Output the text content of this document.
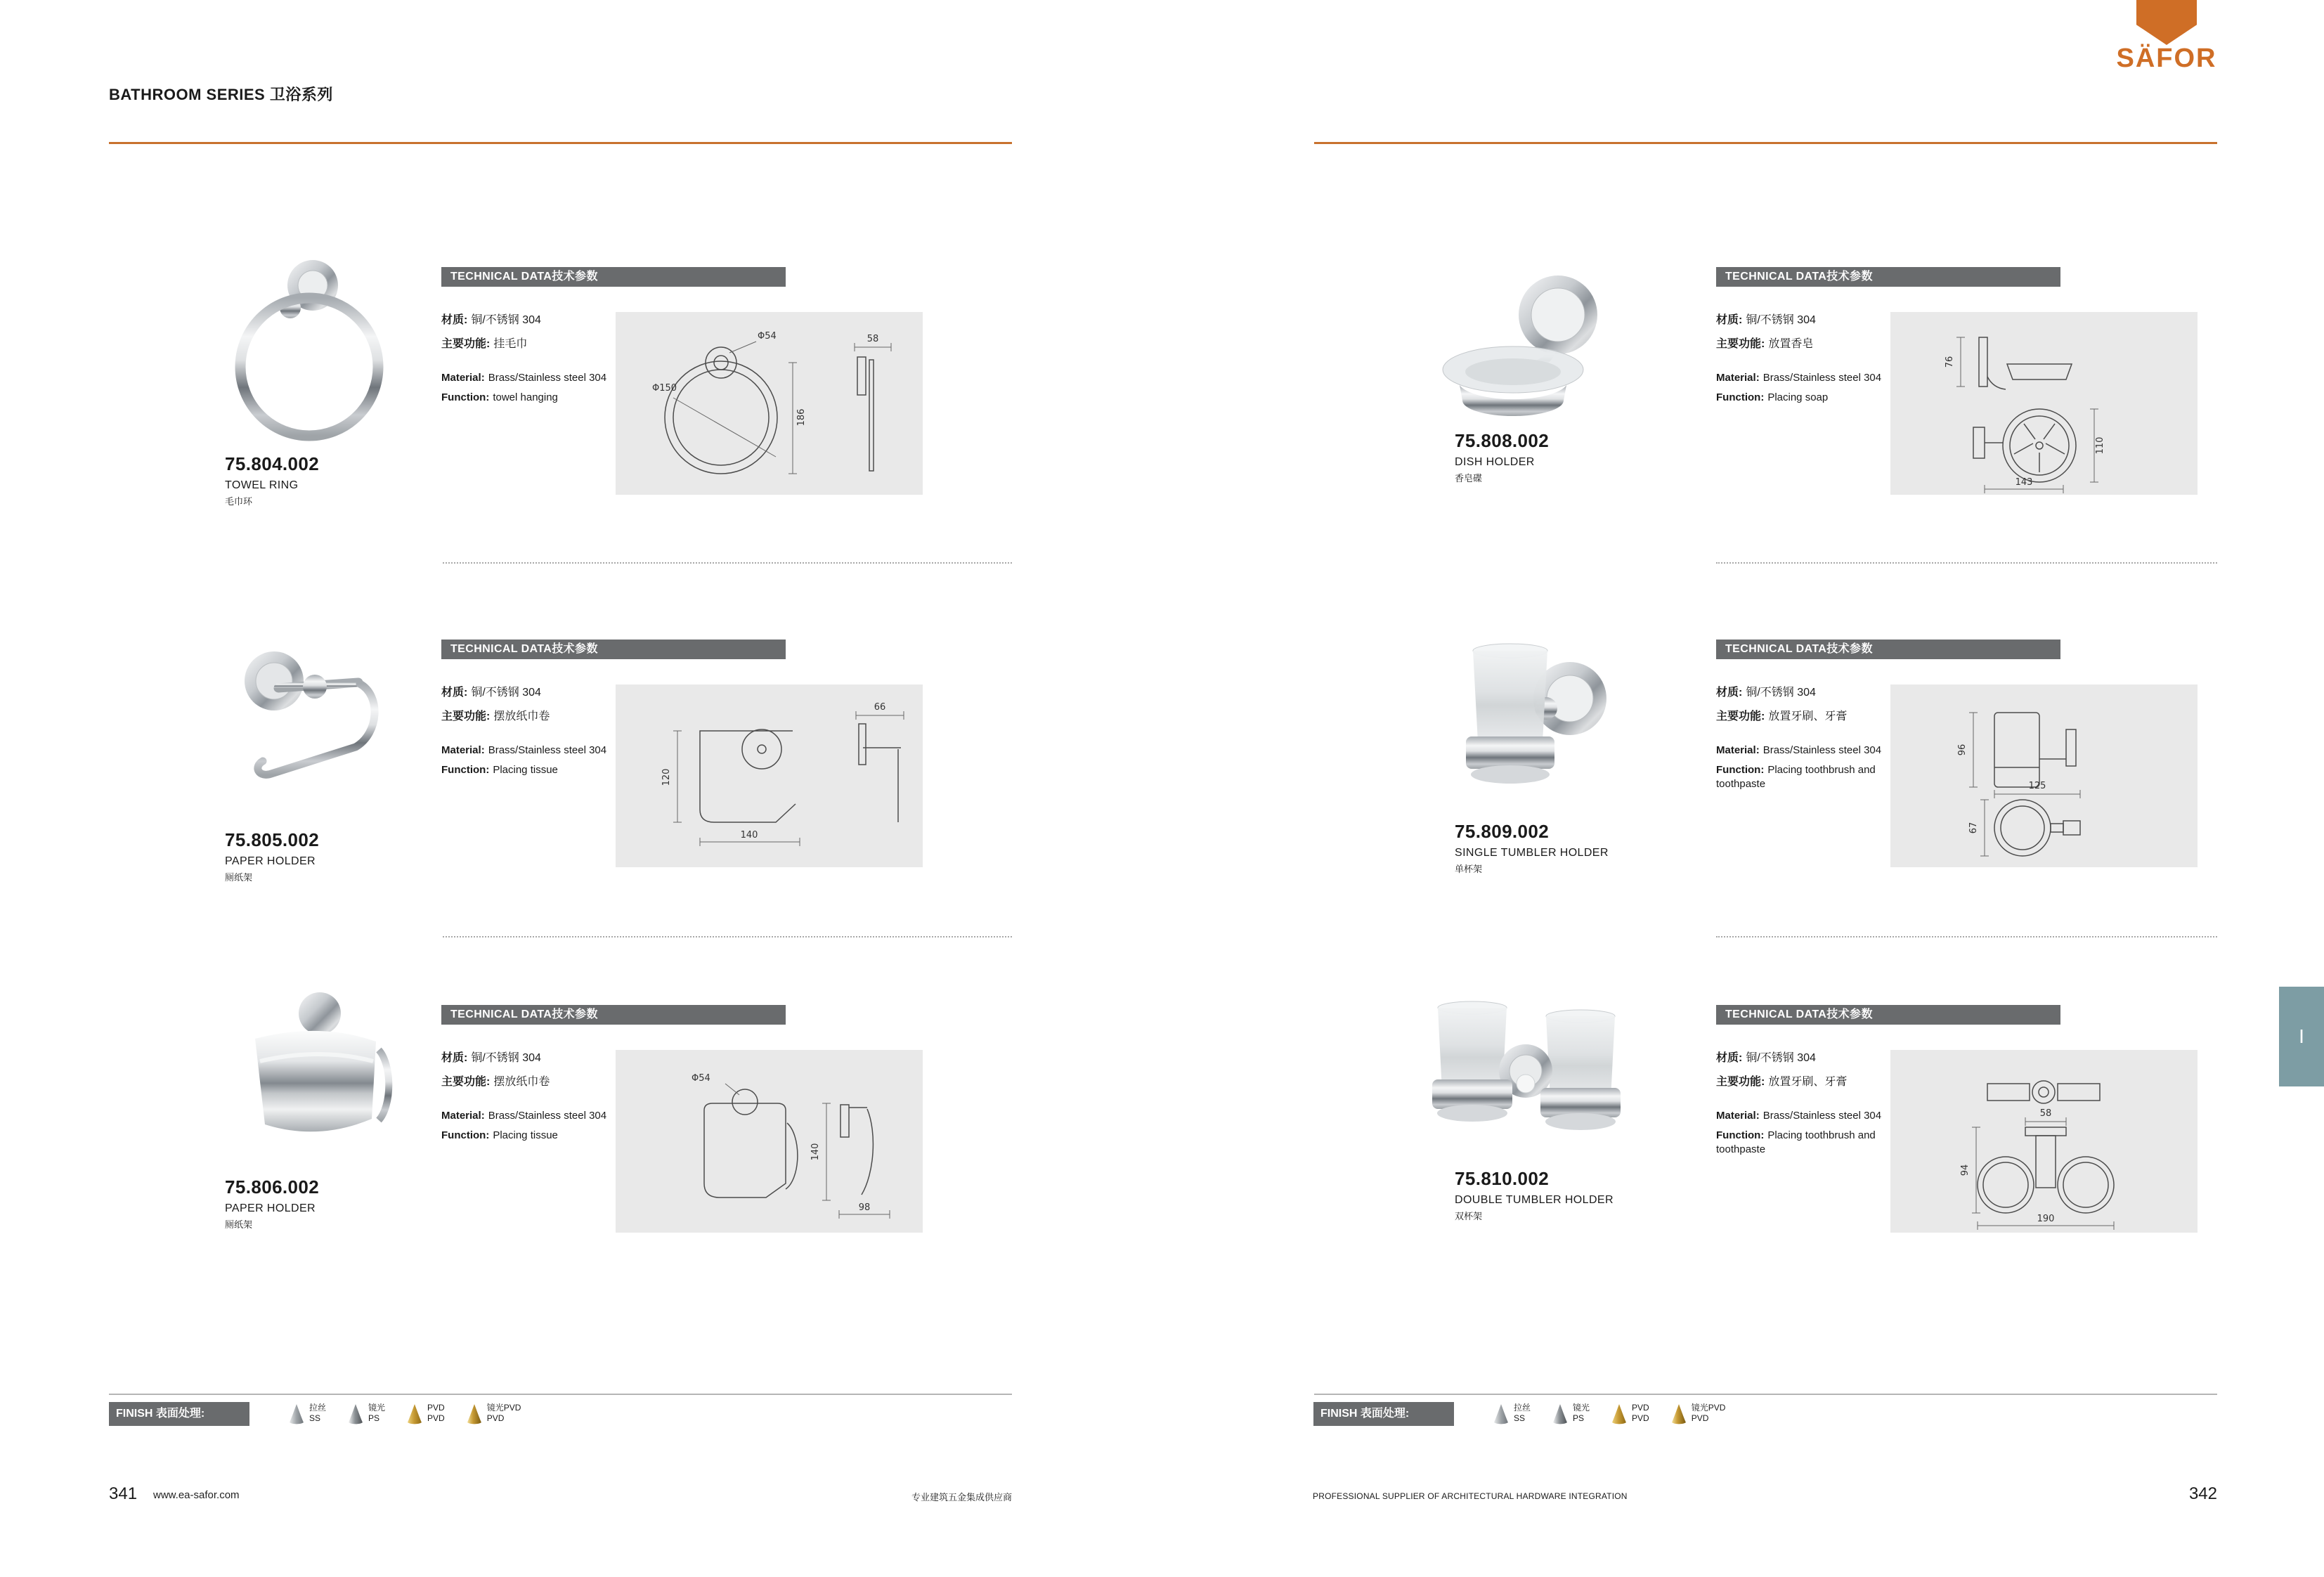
BATHROOM SERIES 卫浴系列
SÄFOR
75.804.002
TOWEL RING
毛巾环
TECHNICAL DATA技术参数
材质: 铜/不锈钢 304
主要功能: 挂毛巾
Material: Brass/Stainless steel 304
Function: towel hanging
Φ54
Φ150
186
58
75.805.002
PAPER HOLDER
厕纸架
TECHNICAL DATA技术参数
材质: 铜/不锈钢 304
主要功能: 摆放纸巾卷
Material: Brass/Stainless steel 304
Function: Placing tissue	120
140
66
75.806.002
PAPER HOLDER
厕纸架
TECHNICAL DATA技术参数
材质: 铜/不锈钢 304
主要功能: 摆放纸巾卷
Material: Brass/Stainless steel 304
Function: Placing tissue
Φ54
140
98
75.808.002
DISH HOLDER
香皂碟
TECHNICAL DATA技术参数
材质: 铜/不锈钢 304
主要功能: 放置香皂
Material: Brass/Stainless steel 304
Function: Placing soap
76
110
143
75.809.002
SINGLE TUMBLER HOLDER
单杯架
TECHNICAL DATA技术参数
材质: 铜/不锈钢 304
主要功能: 放置牙刷、牙膏
Material: Brass/Stainless steel 304
Function: Placing toothbrush and toothpaste
96
125
67
75.810.002
DOUBLE TUMBLER HOLDER
双杯架
TECHNICAL DATA技术参数
材质: 铜/不锈钢 304
主要功能: 放置牙刷、牙膏
Material: Brass/Stainless steel 304
Function: Placing toothbrush and toothpaste
58
94
190
FINISH 表面处理:	拉丝
SS
镜光
PS
PVD
PVD
镜光PVD
PVD	FINISH 表面处理:	拉丝
SS
镜光
PS
PVD
PVD
镜光PVD
PVD
341 www.ea-safor.com	专业建筑五金集成供应商	PROFESSIONAL SUPPLIER OF ARCHITECTURAL HARDWARE INTEGRATION	342
I
